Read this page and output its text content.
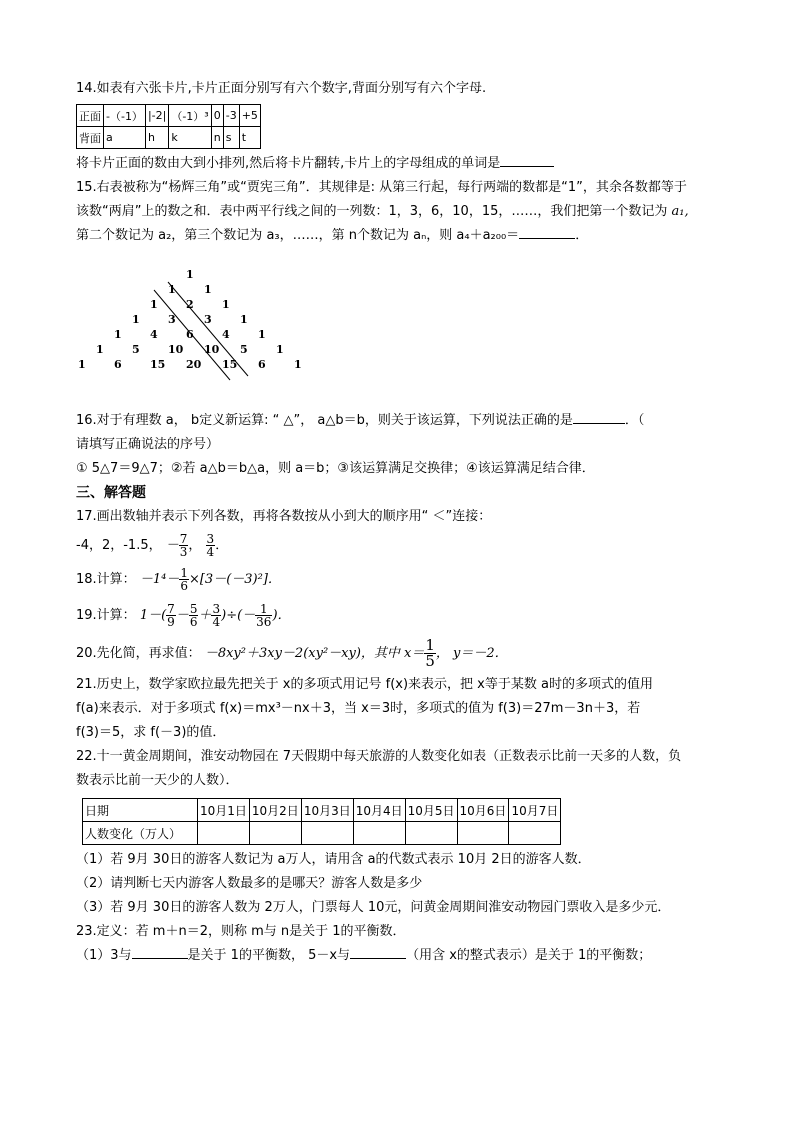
14.如表有六张卡片,卡片正面分别写有六个数字,背面分别写有六个字母.
正面	-（-1）	|-2|	（-1）³	0	-3	+5
背面	a	h	k	n	s	t
将卡片正面的数由大到小排列,然后将卡片翻转,卡片上的字母组成的单词是
15.右表被称为“杨辉三角”或“贾宪三角”．其规律是: 从第三行起，每行两端的数都是“1”，其余各数都等于
该数“两肩”上的数之和．表中两平行线之间的一列数：1，3，6，10，15，……，我们把第一个数记为 a₁,
第二个数记为 a₂，第三个数记为 a₃，……，第 n个数记为 aₙ，则 a₄＋a₂₀₀＝	．
1
1	1
1	2	1
1	3	3	1
1	4	6	4	1
1	5	10 10 5	1
1	6	15 20 15 6	1
16.对于有理数 a， b定义新运算: “ △”， a△b＝b，则关于该运算，下列说法正确的是	．（
请填写正确说法的序号）
① 5△7＝9△7；②若 a△b＝b△a，则 a＝b；③该运算满足交换律；④该运算满足结合律．
三、解答题
17.画出数轴并表示下列各数，再将各数按从小到大的顺序用“ ＜”连接：
-4，2，-1.5， － $\frac{7}{3}$ ， $\frac{3}{4}$ ．
18.计算： $-1^4- \frac{1}{6} \times[3-(-3)^2]$．
19.计算： $1-( \frac{7}{9} - \frac{5}{6} + \frac{3}{4}$ )÷(－ $\frac{1}{36}$ )．
20.先化简，再求值： －8xy²＋3xy－2(xy²－xy)，其中 $x= \frac{1}{5}$ ， y＝－2．
21.历史上，数学家欧拉最先把关于 x的多项式用记号 f(x)来表示，把 x等于某数 a时的多项式的值用
f(a)来表示．对于多项式 f(x)＝mx³－nx＋3，当 x＝3时，多项式的值为 f(3)＝27m－3n＋3，若
f(3)＝5，求 f(－3)的值．
22.十一黄金周期间，淮安动物园在 7天假期中每天旅游的人数变化如表（正数表示比前一天多的人数，负
数表示比前一天少的人数）．
日期	10月1日	10月2日	10月3日	10月4日	10月5日	10月6日	10月7日
人数变化（万人）							
（1）若 9月 30日的游客人数记为 a万人，请用含 a的代数式表示 10月 2日的游客人数．
（2）请判断七天内游客人数最多的是哪天？游客人数是多少
（3）若 9月 30日的游客人数为 2万人，门票每人 10元，问黄金周期间淮安动物园门票收入是多少元．
23.定义：若 m＋n＝2，则称 m与 n是关于 1的平衡数．
（1）3与	是关于 1的平衡数， 5－x与	（用含 x的整式表示）是关于 1的平衡数；
